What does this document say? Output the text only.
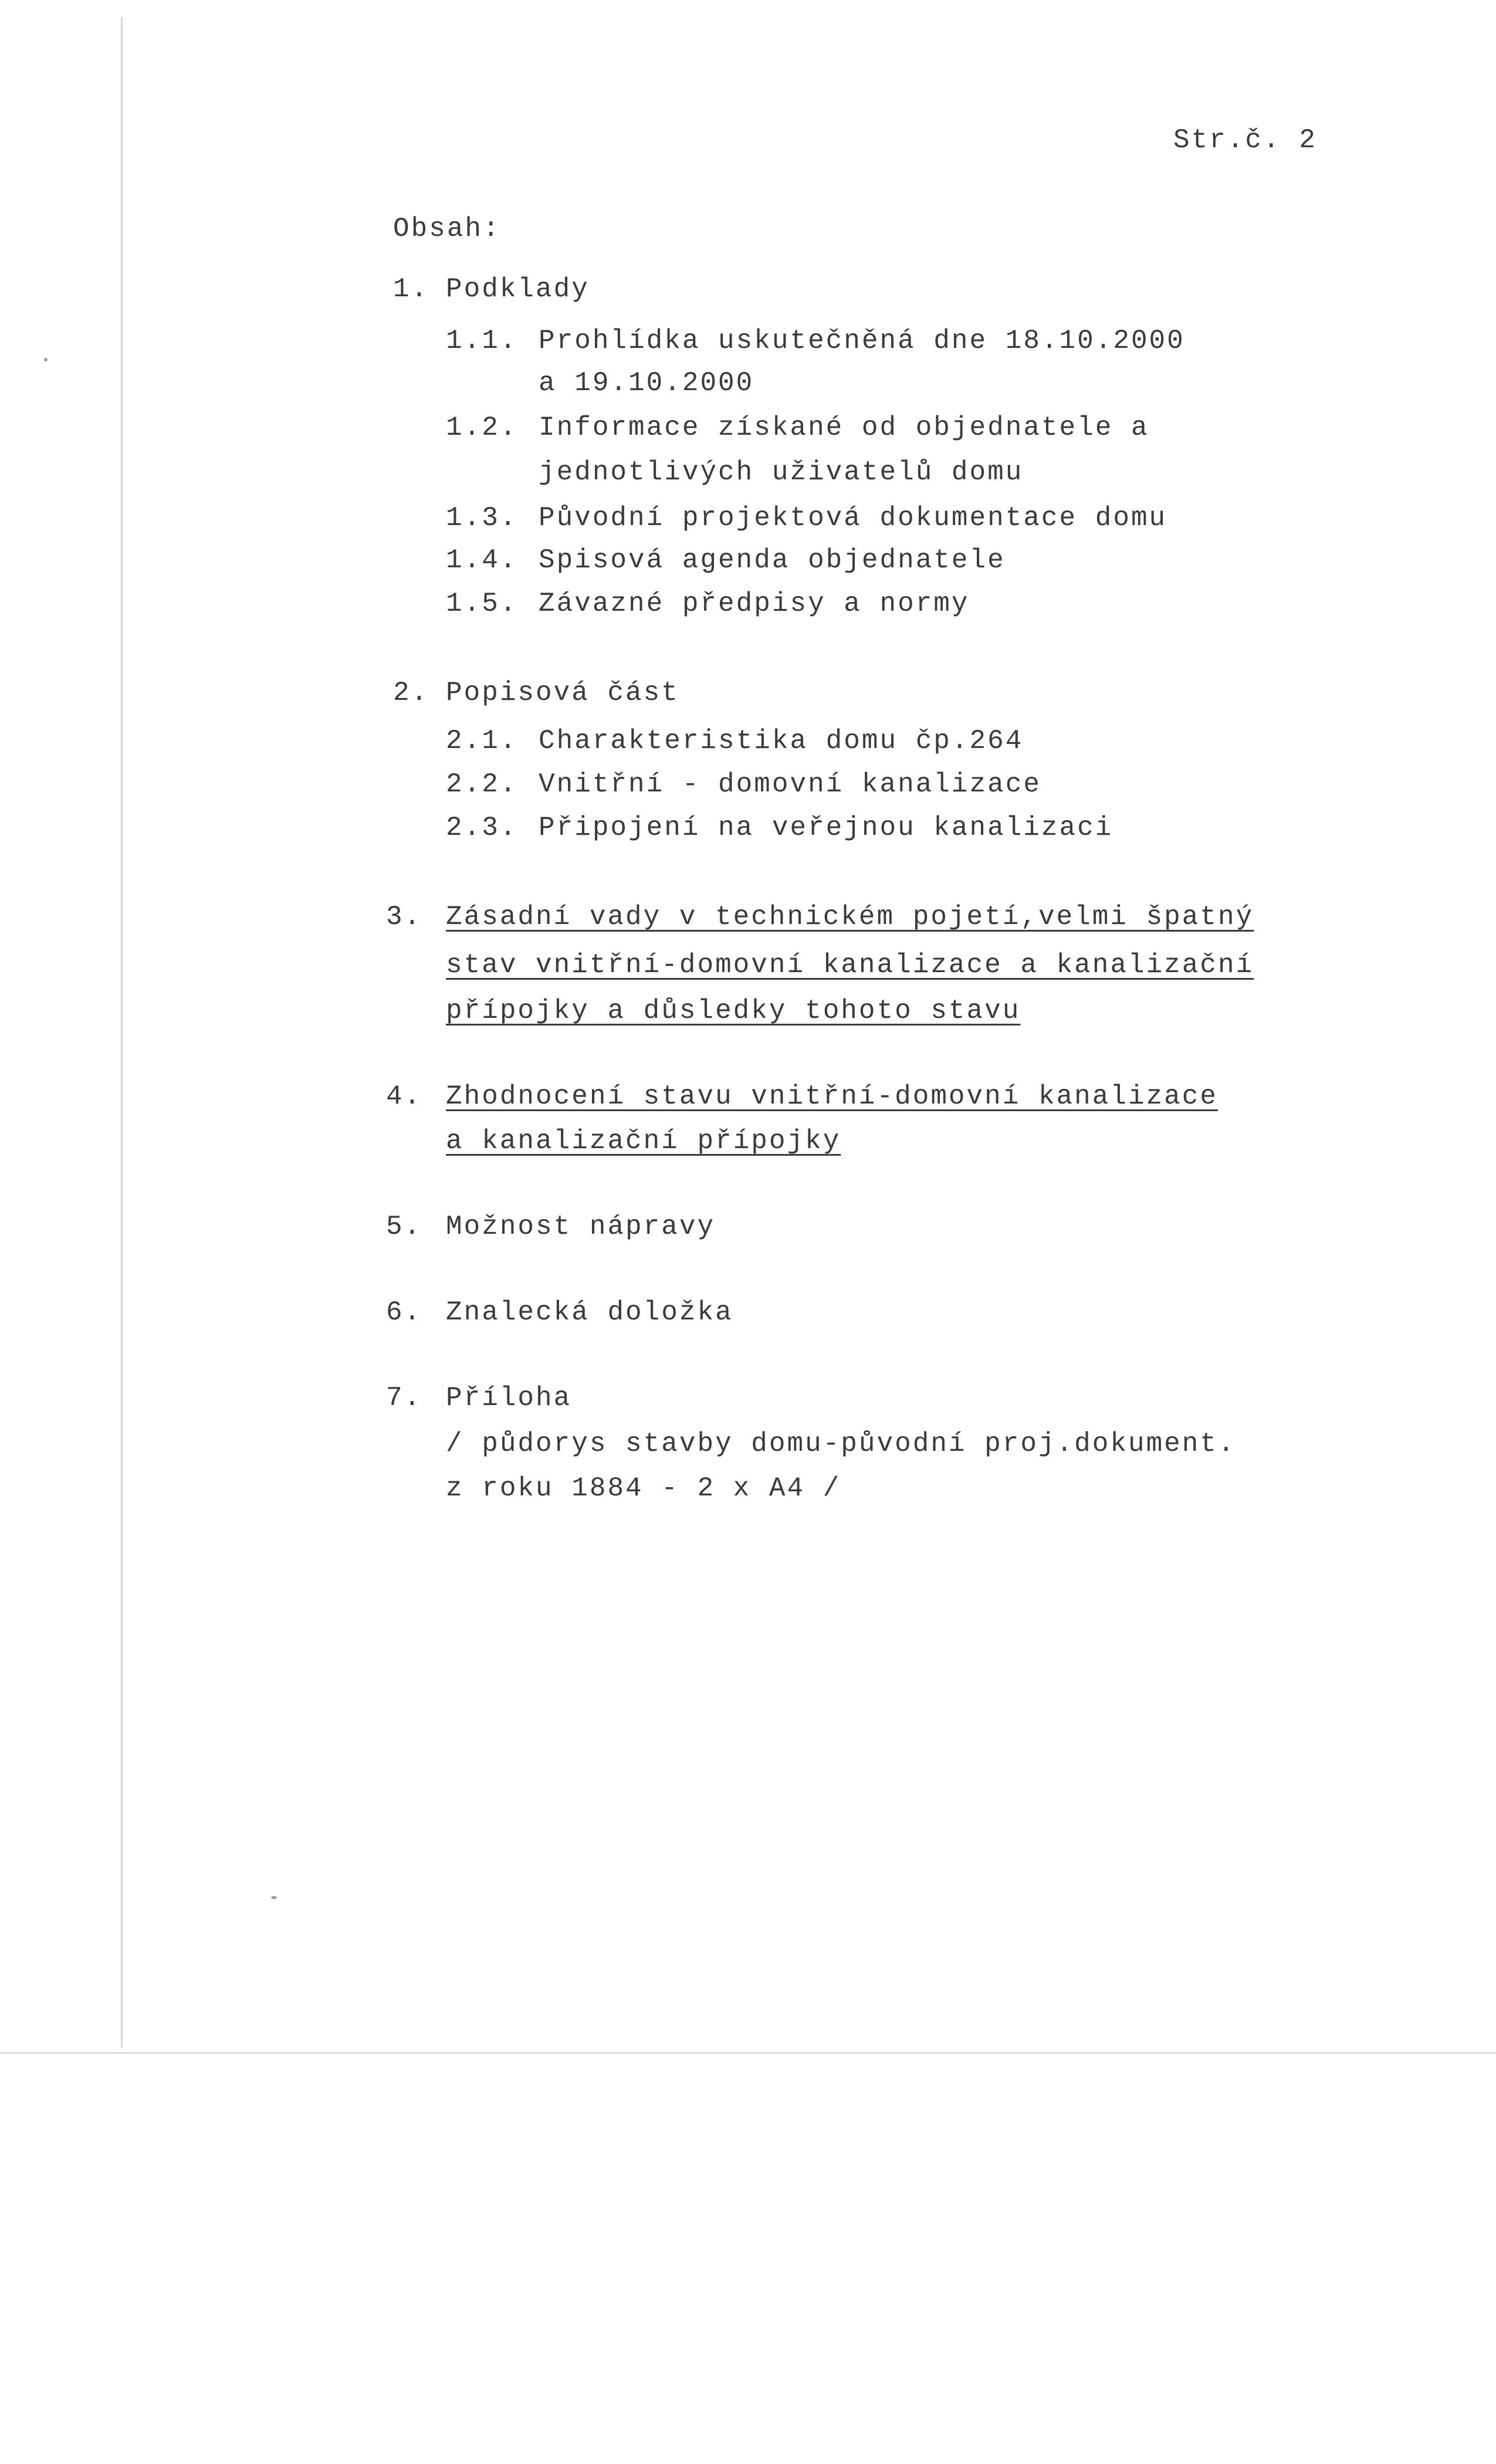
Str.č. 2
Obsah:
1. Podklady
1.1. Prohlídka uskutečněná dne 18.10.2000
a 19.10.2000
1.2. Informace získané od objednatele a
jednotlivých uživatelů domu
1.3. Původní projektová dokumentace domu
1.4. Spisová agenda objednatele
1.5. Závazné předpisy a normy
2. Popisová část
2.1. Charakteristika domu čp.264
2.2. Vnitřní - domovní kanalizace
2.3. Připojení na veřejnou kanalizaci
3. Zásadní vady v technickém pojetí,velmi špatný
stav vnitřní-domovní kanalizace a kanalizační
přípojky a důsledky tohoto stavu
4. Zhodnocení stavu vnitřní-domovní kanalizace
a kanalizační přípojky
5. Možnost nápravy
6. Znalecká doložka
7. Příloha
/ půdorys stavby domu-původní proj.dokument.
z roku 1884 - 2 x A4 /
